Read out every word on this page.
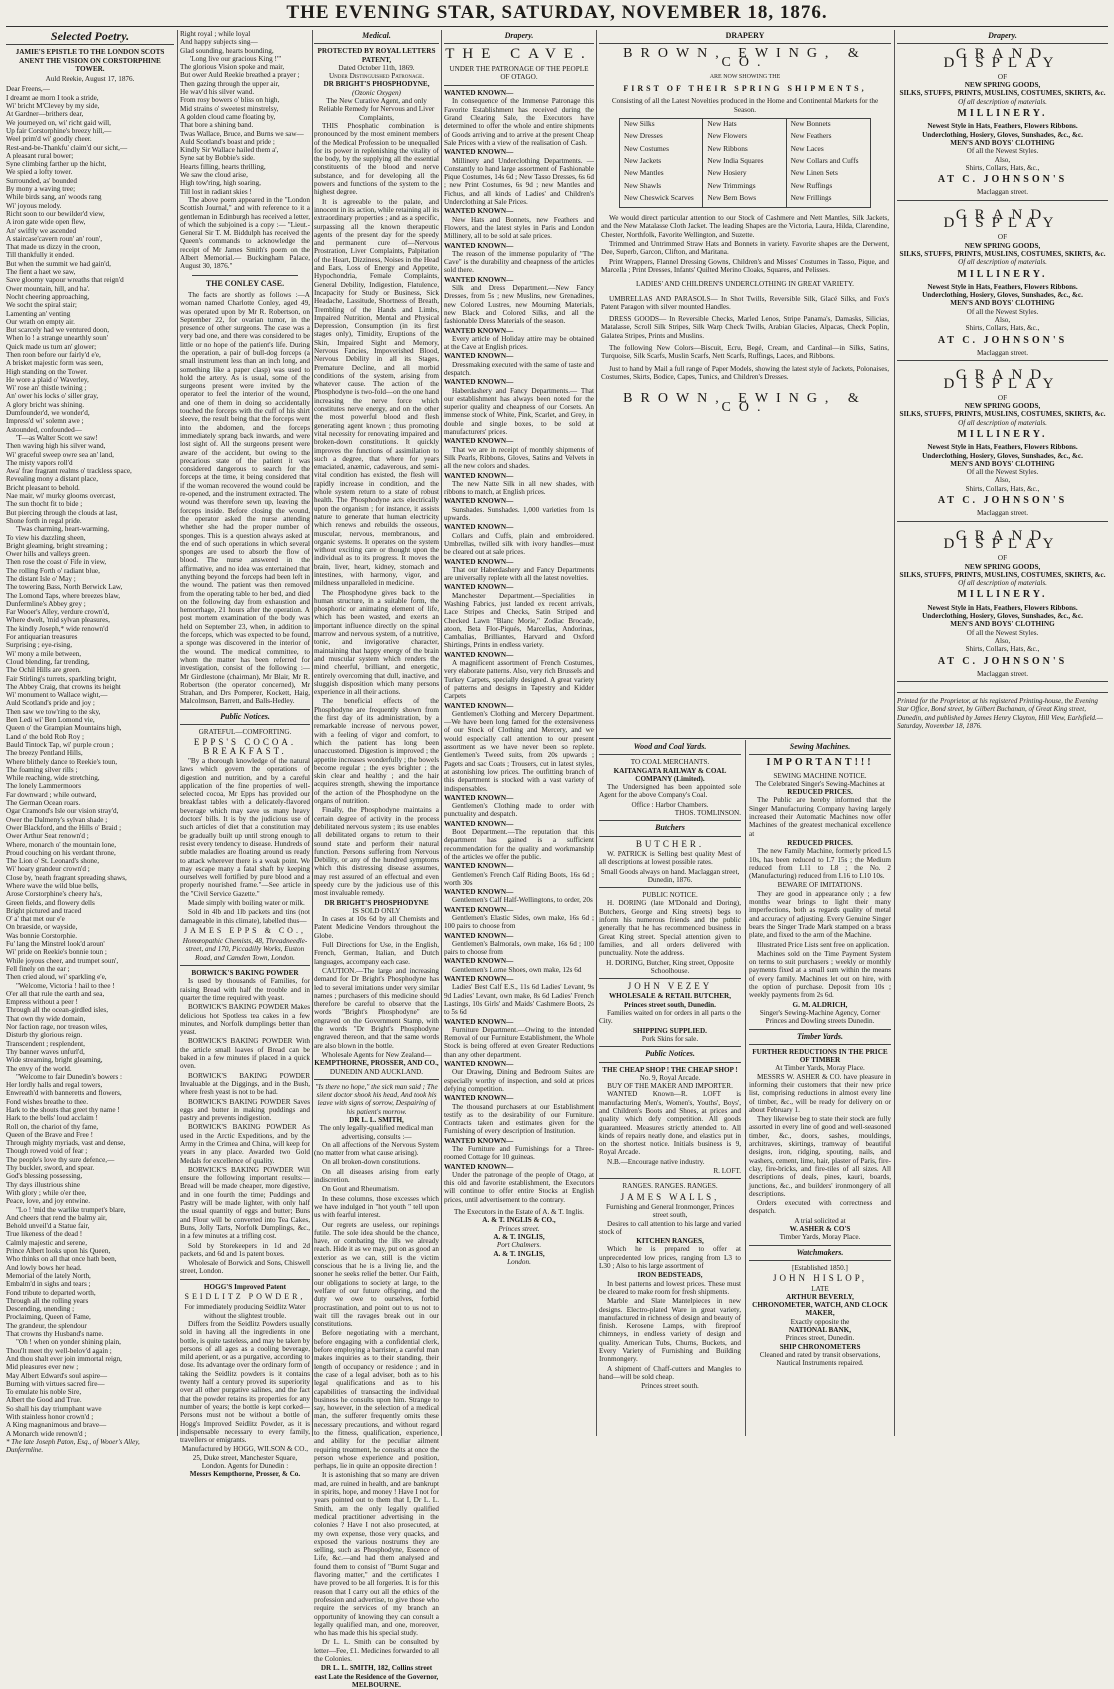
THE EVENING STAR, SATURDAY, NOVEMBER 18, 1876.
Selected Poetry.
JAMIE'S EPISTLE TO THE LONDON SCOTS ANENT THE VISION ON CORSTORPHINE TOWER.
Auld Reekie, August 17, 1876.

Dear Freens,—

I dreamt ae morn I took a stride,

Wi' bricht M'Clevey by my side,

At Gardner—brithers dear,

We journeyed on, wi' richt gaid will,

Up fair Corstorphine's breezy hill,—

Weel prim'd wi' goodly cheer.

Rest-and-be-Thankfu' claim'd our sicht,—

A pleasant rural bower;

Syne climbing farther up the hicht,

We spied a lofty tower.

Surrounded, as' bounded

By mony a waving tree;

While birds sang, an' woods rang

Wi' joyous melody.

Richt soon to our bewilder'd view,

A iron gate wide open flew,

An' swiftly we ascended

A staircase'cavern roun' an' roun',

That made us dizzy in the croon,

Till thankfully it ended.

But when the summit we had gain'd,

The fient a haet we saw,

Save gloomy vapour wreaths that reign'd

Ower mountain, hill, and ha'.

Nocht cheering approaching,

We socht the spiral stair;

Lamenting an' venting

Our wrath on empty air.

But scarcely had we ventured doon,

When lo ! a strange unearthly soun'

Quick made us turn an' glower;

Then roon before our fairly'd e'e,

A brisket majestic form was seen,

High standing on the Tower.

He wore a plaid o' Waverley,

Wi' rose an' thistle twining ;

An' ower his locks o' siller gray,

A glory bricht was shining.

Dumfounder'd, we wonder'd,

Impress'd wi' solemn awe ;

Astounded, confounded—

'T—as Walter Scott we saw!

Then waving high his silver wand,

Wi' graceful sweep owre sea an' land,

The misty vapors roll'd

Awa' frae fragrant realms o' trackless space,

Revealing mony a distant place,

Bricht pleasant to behold.

Nae mair, wi' murky glooms overcast,

The sun thocht fit to bide ;

But piercing through the clouds at last,

Shone forth in regal pride.

'Twas charming, heart-warming,

To view his dazzling sheen,

Bright gleaming, bright streaming ;

Ower hills and valleys green.

Then rose the coast o' Fife in view,

The rolling Forth o' radiant blue,

The distant Isle o' May ;

The towering Bass, North Berwick Law,

The Lomond Taps, where breezes blaw,

Dunfermline's Abbey grey ;

Far Wooer's Alley, verdure crown'd,

Where dwelt, 'mid sylvan pleasures,

The kindly Joseph,* wide renown'd

For antiquarian treasures

Surprising ; eye-rising,

Wi' mony a mile between,

Cloud blending, far trending,

The Ochil Hills are green.

Fair Stirling's turrets, sparkling bright,

The Abbey Craig, that crowns its height

Wi' monument to Wallace wight,—

Auld Scotland's pride and joy ;

Then saw we tow'ring to the sky,

Ben Ledi wi' Ben Lomond vie,

Queen o' the Grampian Mountains high,

Land o' the bold Rob Roy ;

Bauld Tintock Tap, wi' purple croun ;

The breezy Pentland Hills,

Where blithely dance to Reekie's toun,

The foaming silver rills ;

While reaching, wide stretching,

The lonely Lammermoors

Far downward ; while outward,

The German Ocean roars.

Ogar Cramond's Isle our vision stray'd,

Ower the Dalmeny's sylvan shade ;

Ower Blackford, and the Hills o' Braid ;

Ower Arthur Seat renown'd ;

Where, monarch o' the mountain lone,

Proud couching on his verdant throne,

The Lion o' St. Leonard's shone,

Wi' hoary grandeur crown'd ;

Close by, 'neath fragrant spreading shaws,

Where wave the wild blue bells,

Arose Corstorphine's cheery ha's,

Green fields, and flowery dells

Bright pictured and traced

O' a' that met our e'e

On braeside, or wayside,

Was bonnie Corstorphie.

Fu' lang the Minstrel look'd aroun'

Wi' pride on Reekie's bonnie toun ;

While joyous cheer, and trumpet soun',

Fell finely on the ear ;

Then cried aloud, wi' sparkling e'e,

"Welcome, Victoria ! hail to thee !

O'er all that rule the earth and sea,

Empress without a peer !

Through all the ocean-girdled isles,

That own thy wide domain,

Nor faction rage, nor treason wiles,

Disturb thy glorious reign.

Transcendent ; resplendent,

Thy banner waves unfurl'd,

Wide streaming, bright gleaming,

The envy of the world.

"Welcome to fair Dunedin's bowers :

Her lordly halls and regal towers,

Enwreath'd with banneretts and flowers,

Fond wishes breathe to thee.

Hark to the shouts that greet thy name !

Hark to the bells' loud acclaim !

Roll on, the chariot of thy fame,

Queen of the Brave and Free !

Through mighty myriads, vast and dense,

Though rowed void of fear ;

The people's love thy sure defence,—

Thy buckler, sword, and spear.

God's blessing possessing,

Thy days illustrious shine

With glory ; while o'er thee,

Peace, love, and joy entwine.

"Lo ! 'mid the warlike trumpet's blare,

And cheers that rend the balmy air,

Behold unveil'd a Statue fair,

True likeness of the dead !

Calmly majestic and serene,

Prince Albert looks upon his Queen,

Who thinks on all that once hath been,

And lowly bows her head.

Memorial of the lately North,

Embalm'd in sighs and tears ;

Fond tribute to departed worth,

Through all the rolling years

Descending, unending ;

Proclaiming, Queen of Fame,

The grandeur, the splendour

That crowns thy Husband's name.

"Oh ! when on yonder shining plain,

Thou'lt meet thy well-belov'd again ;

And thou shalt ever join immortal reign,

Mid pleasures ever new ;

May Albert Edward's soul aspire—

Burning with virtues sacred fire—

To emulate his noble Sire,

Albert the Good and True.

So shall his day triumphant wave

With stainless honor crown'd ;

A King magnanimous and brave—

A Monarch wide renown'd ;

* The late Joseph Paton, Esq., of Wooer's Alley, Dunfermline.

Right royal ; while loyal

And happy subjects sing—

Glad sounding, hearts bounding,

'Long live our gracious King !'"

The glorious Vision spoke and mair,

But ower Auld Reekie breathed a prayer ;

Then gazing through the upper air,

He wav'd his silver wand.

From rosy bowers o' bliss on high,

Mid strains o' sweetest minstrelsy,

A golden cloud came floating by,

That bore a shining band.

Twas Wallace, Bruce, and Burns we saw—

Auld Scotland's boast and pride ;

Kindly Sir Wallace hailed them a',

Syne sat by Bobbie's side.

Hearts filling, hearts thrilling,

We saw the cloud arise,

High tow'ring, high soaring,

Till lost in radiant skies !

The above poem appeared in the "London Scottish Journal," and with reference to it a gentleman in Edinburgh has received a letter, of which the subjoined is a copy :— "Lieut.-General Sir T. M. Biddulph has received the Queen's commands to acknowledge the receipt of Mr James Smith's poem on the Albert Memorial.— Buckingham Palace, August 30, 1876."

THE CONLEY CASE.

The facts are shortly as follows :—A woman named Charlotte Conley, aged 49, was operated upon by Mr R. Robertson, on September 22, for ovarian tumor, in the presence of other surgeons. The case was a very bad one, and there was considered to be little or no hope of the patient's life. During the operation, a pair of bull-dog forceps (a small instrument less than an inch long, and something like a paper clasp) was used to hold the artery. As is usual, some of the surgeons present were invited by the operator to feel the interior of the wound, and one of them in doing so accidentally touched the forceps with the cuff of his shirt sleeve, the result being that the forceps went into the abdomen, and the forceps immediately sprang back inwards, and were lost sight of. All the surgeons present were aware of the accident, but owing to the precarious state of the patient it was considered dangerous to search for the forceps at the time, it being considered that if the woman recovered the wound could be re-opened, and the instrument extracted. The wound was therefore sewn up, leaving the forceps inside. Before closing the wound, the operator asked the nurse attending whether she had the proper number of sponges. This is a question always asked at the end of such operations in which several sponges are used to absorb the flow of blood. The nurse answered in the affirmative, and no idea was entertained that anything beyond the forceps had been left in the wound. The patient was then removed from the operating table to her bed, and died on the following day from exhaustion and hemorrhage, 21 hours after the operation. A post mortem examination of the body was held on September 23, when, in addition to the forceps, which was expected to be found, a sponge was discovered in the interior of the wound. The medical committee, to whom the matter has been referred for investigation, consist of the following :— Mr Girdlestone (chairman), Mr Blair, Mr R. Robertson (the operator concerned), Mr Strahan, and Drs Pomperer, Kockett, Haig, Malcolmson, Barrett, and Balls-Hedley.

Public Notices.
GRATEFUL—COMFORTING.
EPPS'S COCOA. BREAKFAST.

"By a thorough knowledge of the natural laws which govern the operations of digestion and nutrition, and by a careful application of the fine properties of well-selected cocoa, Mr Epps has provided our breakfast tables with a delicately-flavored beverage which may save us many heavy doctors' bills. It is by the judicious use of such articles of diet that a constitution may be gradually built up until strong enough to resist every tendency to disease. Hundreds of subtle maladies are floating around us ready to attack wherever there is a weak point. We may escape many a fatal shaft by keeping ourselves well fortified by pure blood and a properly nourished frame."—See article in the "Civil Service Gazette."

Made simply with boiling water or milk.

Sold in 4lb and 1lb packets and tins (not damageable in this climate), labelled thus—

JAMES EPPS & CO.,
Homœopathic Chemists, 48, Threadneedle-street, and 170, Piccadilly Works, Euston Road, and Camden Town, London.
BORWICK'S BAKING POWDER

Is used by thousands of Families, for raising Bread with half the trouble and in quarter the time required with yeast.

BORWICK'S BAKING POWDER Makes delicious hot Spotless tea cakes in a few minutes, and Norfolk dumplings better than yeast.

BORWICK'S BAKING POWDER With the article small loaves of Bread can be baked in a few minutes if placed in a quick oven.

BORWICK'S BAKING POWDER Invaluable at the Diggings, and in the Bush, where fresh yeast is not to be had.

BORWICK'S BAKING POWDER Saves eggs and butter in making puddings and pastry and prevents indigestion.

BORWICK'S BAKING POWDER As used in the Arctic Expeditions, and by the Army in the Crimea and China, will keep for years in any place. Awarded two Gold Medals for excellence of quality.

BORWICK'S BAKING POWDER Will ensure the following important results:—Bread will be made cheaper, more digestive, and in one fourth the time; Puddings and Pastry will be made lighter, with only half the usual quantity of eggs and butter; Buns and Flour will be converted into Tea Cakes, Buns, Jolly Tarts, Norfolk Dumplings, &c., in a few minutes at a trifling cost.

Sold by Storekeepers in 1d and 2d packets, and 6d and 1s patent boxes.

Wholesale of Borwick and Sons, Chiswell street, London.

HOGG'S Improved Patent
SEIDLITZ POWDER,
For immediately producing Seidlitz Water without the slightest trouble.

Differs from the Seidlitz Powders usually sold in having all the ingredients in one bottle, is quite tasteless, and may be taken by persons of all ages as a cooling beverage, mild aperient, or as a purgative, according to dose. Its advantage over the ordinary form of taking the Seidlitz powders is it contains twenty half a century proved its superiority over all other purgative salines, and the fact that the powder retains its properties for any number of years; the bottle is kept corked—Persons must not be without a bottle of Hogg's Improved Seidlitz Powder, as it is indispensable necessary to every family, travellers or emigrants.

Manufactured by HOGG, WILSON & CO., 25, Duke street, Manchester Square, London. Agents for Dunedin :
Messrs Kempthorne, Prosser, & Co.
Medical.
PROTECTED BY ROYAL LETTERS PATENT,
Dated October 11th, 1869.
Under Distinguished Patronage.
DR BRIGHT'S PHOSPHODYNE,
(Ozonic Oxygen)
The New Curative Agent, and only Reliable Remedy for Nervous and Liver Complaints,

THIS Phosphatic combination is pronounced by the most eminent members of the Medical Profession to be unequalled for its power in replenishing the vitality of the body, by the supplying all the essential constituents of the blood and nerve substance, and for developing all the powers and functions of the system to the highest degree.

It is agreeable to the palate, and innocent in its action, while retaining all its extraordinary properties ; and as a specific, surpassing all the known therapeutic agents of the present day for the speedy and permanent cure of—Nervous Prostration, Liver Complaints, Palpitation of the Heart, Dizziness, Noises in the Head and Ears, Loss of Energy and Appetite, Hypochondria, Female Complaints, General Debility, Indigestion, Flatulence, Incapacity for Study or Business, Sick Headache, Lassitude, Shortness of Breath, Trembling of the Hands and Limbs, Impaired Nutrition, Mental and Physical Depression, Consumption (in its first stages only), Timidity, Eruptions of the Skin, Impaired Sight and Memory, Nervous Fancies, Impoverished Blood, Nervous Debility in all its Stages, Premature Decline, and all morbid conditions of the system, arising from whatever cause. The action of the Phosphodyne is two-fold—on the one hand increasing the nerve force which constitutes nerve energy, and on the other the most powerful blood and flesh generating agent known ; thus promoting vital necessity for renovating impaired and broken-down constitutions. It quickly improves the functions of assimilation to such a degree, that where for years emaciated, anæmic, cadaverous, and semi-vital condition has existed, the flesh will rapidly increase in condition, and the whole system return to a state of robust health. The Phosphodyne acts electrically upon the organism ; for instance, it assists nature to generate that human electricity which renews and rebuilds the osseous, muscular, nervous, membranous, and organic systems. It operates on the system without exciting care or thought upon the individual as to its progress. It moves the brain, liver, heart, kidney, stomach and intestines, with harmony, vigor, and mildness unparalleled in medicine.

The Phosphodyne gives back to the human structure, in a suitable form, the phosphoric or animating element of life, which has been wasted, and exerts an important influence directly on the spinal marrow and nervous system, of a nutritive, tonic, and invigorative character, maintaining that happy energy of the brain and muscular system which renders the mind cheerful, brilliant, and energetic, entirely overcoming that dull, inactive, and sluggish disposition which many persons experience in all their actions.

The beneficial effects of the Phosphodyne are frequently shown from the first day of its administration, by a remarkable increase of nervous power, with a feeling of vigor and comfort, to which the patient has long been unaccustomed. Digestion is improved ; the appetite increases wonderfully ; the bowels become regular ; the eyes brighter ; the skin clear and healthy ; and the hair acquires strength, shewing the importance of the action of the Phosphodyne on the organs of nutrition.

Finally, the Phosphodyne maintains a certain degree of activity in the process debilitated nervous system ; its use enables all debilitated organs to return to their sound state and perform their natural function. Persons suffering from Nervous Debility, or any of the hundred symptoms which this distressing disease assumes, may rest assured of an effectual and even speedy cure by the judicious use of this most invaluable remedy.

DR BRIGHT'S PHOSPHODYNE
IS SOLD ONLY

In cases at 10s 6d by all Chemists and Patent Medicine Vendors throughout the Globe.

Full Directions for Use, in the English, French, German, Italian, and Dutch languages, accompany each case.

CAUTION.—The large and increasing demand for Dr Bright's Phosphodyne has led to several imitations under very similar names ; purchasers of this medicine should therefore be careful to observe that the words "Bright's Phosphodyne" are engraved on the Government Stamp, with the words "Dr Bright's Phosphodyne engraved thereon, and that the same words are also blown in the bottle.

Wholesale Agents for New Zealand—
KEMPTHORNE, PROSSER, AND CO.,
DUNEDIN AND AUCKLAND.
"Is there no hope," the sick man said ; The silent doctor shook his head, And took his leave with signs of sorrow, Despairing of his patient's morrow.
DR L. L. SMITH,
The only legally-qualified medical man advertising, consults :—

On all affections of the Nervous System (no matter from what cause arising).

On all broken-down constitutions.

On all diseases arising from early indiscretion.

On Gout and Rheumatism.

In these columns, those excesses which we have indulged in "hot youth " tell upon us with fearful interest.

Our regrets are useless, our repinings futile. The sole idea should be the chance, have, or combating the ills we already reach. Hide it as we may, put on as good an exterior as we can, still is the victim conscious that he is a living lie, and the sooner he seeks relief the better. Our Faith, our obligations to society at large, to the welfare of our future offspring, and the duty we owe to ourselves, forbid procrastination, and point out to us not to wait till the ravages break out in our constitutions.

Before negotiating with a merchant, before engaging with a confidential clerk, before employing a barrister, a careful man makes inquiries as to their standing, their length of occupancy or residence ; and in the case of a legal adviser, both as to his legal qualifications and as to his capabilities of transacting the individual business he consults upon him. Strange to say, however, in the selection of a medical man, the sufferer frequently omits these necessary precautions, and without regard to the fitness, qualification, experience, and ability for the peculiar ailment requiring treatment, he consults at once the person whose experience and position, perhaps, lie in quite an opposite direction !

It is astonishing that so many are driven mad, are ruined in health, and are bankrupt in spirits, hope, and money ! Have I not for years pointed out to them that I, Dr L. L. Smith, am the only legally qualified medical practitioner advertising in the colonies ? Have I not also prosecuted, at my own expense, those very quacks, and exposed the various nostrums they are selling, such as Phosphodyne, Essence of Life, &c.—and had them analysed and found them to consist of "Burnt Sugar and flavoring matter," and the certificates I have proved to be all forgeries. It is for this reason that I carry out all the ethics of the profession and advertise, to give those who require the services of my branch an opportunity of knowing they can consult a legally qualified man, and one, moreover, who has made this his special study.

Dr L. L. Smith can be consulted by letter—Fee, £1. Medicines forwarded to all the Colonies.

DR L. L. SMITH, 182, Collins street east Late the Residence of the Governor,
MELBOURNE.
Drapery.
THE CAVE.
UNDER THE PATRONAGE OF THE PEOPLE OF OTAGO.
WANTED KNOWN—

In consequence of the Immense Patronage this Favorite Establishment has received during the Grand Clearing Sale, the Executors have determined to offer the whole and entire shipments of Goods arriving and to arrive at the present Cheap Sale Prices with a view of the realisation of Cash.

WANTED KNOWN—

Millinery and Underclothing Departments. —Constantly to hand large assortment of Fashionable Pique Costumes, 14s 6d ; New Tasso Dresses, 6s 6d ; new Print Costumes, 6s 9d ; new Mantles and Fichus, and all kinds of Ladies' and Children's Underclothing at Sale Prices.

WANTED KNOWN—

New Hats and Bonnets, new Feathers and Flowers, and the latest styles in Paris and London Millinery, all to be sold at sale prices.

WANTED KNOWN—

The reason of the immense popularity of "The Cave" is the durability and cheapness of the articles sold there.

WANTED KNOWN—

Silk and Dress Department.—New Fancy Dresses, from 5s ; new Muslins, new Grenadines, new Colored Lustres, new Mourning Materials, new Black and Colored Silks, and all the fashionable Dress Materials of the season.

WANTED KNOWN—

Every article of Holiday attire may be obtained at the Cave at English prices.

WANTED KNOWN—

Dressmaking executed with the same of taste and despatch.

WANTED KNOWN—

Haberdashery and Fancy Departments.— That our establishment has always been noted for the superior quality and cheapness of our Corsets. An immense stock of White, Pink, Scarlet, and Grey, in double and single boxes, to be sold at manufacturers' prices.

WANTED KNOWN—

That we are in receipt of monthly shipments of Silk Pearls, Ribbons, Gloves, Satins and Velvets in all the new colors and shades.

WANTED KNOWN—

The new Natte Silk in all new shades, with ribbons to match, at English prices.

WANTED KNOWN—

Sunshades. Sunshades. 1,000 varieties from 1s upwards.

WANTED KNOWN—

Collars and Cuffs, plain and embroidered. Umbrellas, twilled silk with ivory handles—must be cleared out at sale prices.

WANTED KNOWN—

That our Haberdashery and Fancy Departments are universally replete with all the latest novelties.

WANTED KNOWN—

Manchester Department.—Specialities in Washing Fabrics, just landed ex recent arrivals, Lace Stripes and Checks, Satin Striped and Checked Lawn "Blanc Morie," Zodiac Brocade, atoon, Beta Flor-Piqués, Marcellas, Andorinas, Cambalias, Brilliantes, Harvard and Oxford Shirtings, Prints in endless variety.

WANTED KNOWN—

A magnificent assortment of French Costumes, very elaborate patterns. Also, very rich Brussels and Turkey Carpets, specially designed. A great variety of patterns and designs in Tapestry and Kidder Carpets

WANTED KNOWN—

Gentlemen's Clothing and Mercery Department.—We have been long famed for the extensiveness of our Stock of Clothing and Mercery, and we would especially call attention to our present assortment as we have never been so replete. Gentlemen's Tweed suits, from 20s upwards ; Pagets and sac Coats ; Trousers, cut in latest styles, at astonishing low prices. The outfitting branch of this department is stocked with a vast variety of indispensables.

WANTED KNOWN—

Gentlemen's Clothing made to order with punctuality and despatch.

WANTED KNOWN—

Boot Department.—The reputation that this department has gained is a sufficient recommendation for the quality and workmanship of the articles we offer the public.

WANTED KNOWN—

Gentlemen's French Calf Riding Boots, 16s 6d ; worth 30s

WANTED KNOWN—

Gentlemen's Calf Half-Wellingtons, to order, 20s

WANTED KNOWN—

Gentlemen's Elastic Sides, own make, 16s 6d ; 100 pairs to choose from

WANTED KNOWN—

Gentlemen's Balmorals, own make, 16s 6d ; 100 pairs to choose from

WANTED KNOWN—

Gentlemen's Lorne Shoes, own make, 12s 6d

WANTED KNOWN—

Ladies' Best Calf E.S., 11s 6d Ladies' Levant, 9s 9d Ladies' Levant, own make, 8s 6d Ladies' French Lastings, 10s Girls' and Maids' Cashmere Boots, 2s to 5s 6d

WANTED KNOWN—

Furniture Department.—Owing to the intended Removal of our Furniture Establishment, the Whole Stock is being offered at even Greater Reductions than any other department.

WANTED KNOWN—

Our Drawing, Dining and Bedroom Suites are especially worthy of inspection, and sold at prices defying competition.

WANTED KNOWN—

The thousand purchasers at our Establishment testify as to the desirability of our Furniture. Contracts taken and estimates given for the Furnishing of every description of Institution.

WANTED KNOWN—

The Furniture and Furnishings for a Three-roomed Cottage for 10 guineas.

WANTED KNOWN—

Under the patronage of the people of Otago, at this old and favorite establishment, the Executors will continue to offer entire Stocks at English prices, until advertisement to the contrary.

The Executors in the Estate of A. & T. Inglis.
A. & T. INGLIS & CO.,
Princes street.
A. & T. INGLIS,
Port Chalmers.
A. & T. INGLIS,
London.
DRAPERY
BROWN, EWING, & CO.
ARE NOW SHOWING THE
FIRST OF THEIR SPRING SHIPMENTS,
Consisting of all the Latest Novelties produced in the Home and Continental Markets for the Season.

New Silks

New Dresses

New Costumes

New Jackets

New Mantles

New Shawls

New Cheswick Scarves

New Hats

New Flowers

New Ribbons

New India Squares

New Hosiery

New Trimmings

New Bern Bows

New Bonnets

New Feathers

New Laces

New Collars and Cuffs

New Linen Sets

New Ruffings

New Frillings

We would direct particular attention to our Stock of Cashmere and Nett Mantles, Silk Jackets, and the New Matalasse Cloth Jacket. The leading Shapes are the Victoria, Laura, Hilda, Clarendine, Chester, Northfolk, Favorite Wellington, and Suzette.

Trimmed and Untrimmed Straw Hats and Bonnets in variety. Favorite shapes are the Derwent, Dee, Superb, Garcon, Clifton, and Maritana.

Print Wrappers, Flannel Dressing Gowns, Children's and Misses' Costumes in Tasso, Pique, and Marcella ; Print Dresses, Infants' Quilted Merino Cloaks, Squares, and Pelisses.

LADIES' AND CHILDREN'S UNDERCLOTHING IN GREAT VARIETY.

UMBRELLAS AND PARASOLS— In Shot Twills, Reversible Silk, Glacé Silks, and Fox's Patent Paragon with silver mounted Handles.

DRESS GOODS— In Reversible Checks, Marled Lenos, Stripe Panama's, Damasks, Silicias, Matalasse, Scroll Silk Stripes, Silk Warp Check Twills, Arabian Glacies, Alpacas, Check Poplin, Galatea Stripes, Prints and Muslins.

The following New Colors—Biscuit, Ecru, Begé, Cream, and Cardinal—in Silks, Satins, Turquoise, Silk Scarfs, Muslin Scarfs, Nett Scarfs, Ruffings, Laces, and Ribbons.

Just to hand by Mail a full range of Paper Models, showing the latest style of Jackets, Polonaises, Costumes, Skirts, Bodice, Capes, Tunics, and Children's Dresses.

BROWN, EWING, & CO.
Wood and Coal Yards.
TO COAL MERCHANTS.
KAITANGATA RAILWAY & COAL COMPANY (Limited).

The Undersigned has been appointed sole Agent for the above Company's Coal.

Office : Harbor Chambers.
THOS. TOMLINSON.
Butchers
BUTCHER.

W. PATRICK is Selling best quality Mest of all descriptions at lowest possible rates.

Small Goods always on hand. Maclaggan street, Dunedin, 1876.
PUBLIC NOTICE.

H. DORING (late M'Donald and Doring), Butchers, George and King streets) begs to inform his numerous friends and the public generally that he has recommenced business in Great King street. Special attention given to families, and all orders delivered with punctuality. Note the address.

H. DORING, Butcher, King street, Opposite Schoolhouse.
JOHN VEZEY
WHOLESALE & RETAIL BUTCHER, Princes street south, Dunedin.

Families waited on for orders in all parts o the City.

SHIPPING SUPPLIED.
Pork Skins for sale.
Public Notices.
THE CHEAP SHOP ! THE CHEAP SHOP !
No. 9, Royal Arcade.
BUY OF THE MAKER AND IMPORTER.

WANTED Known—R. LOFT is manufacturing Men's, Women's, Youths', Boys', and Children's Boots and Shoes, at prices and quality which defy competition. All goods guaranteed. Measures strictly attended to. All kinds of repairs neatly done, and elastics put in on the shortest notice. Initials business is 9, Royal Arcade.

N.B.—Encourage native industry.

R. LOFT.
RANGES. RANGES. RANGES.
JAMES WALLS,
Furnishing and General Ironmonger, Princes street south,

Desires to call attention to his large and varied stock of

KITCHEN RANGES,

Which he is prepared to offer at unprecedented low prices, ranging from L3 to L30 ; Also to his large assortment of

IRON BEDSTEADS,

In best patterns and lowest prices. These must be cleared to make room for fresh shipments.

Marble and Slate Mantelpieces in new designs. Electro-plated Ware in great variety, manufactured in richness of design and beauty of finish. Kerosene Lamps, with fireproof chimneys, in endless variety of design and quality. American Tubs, Churns, Buckets, and Every Variety of Furnishing and Building Ironmongery.

A shipment of Chaff-cutters and Mangles to hand—will be sold cheap.

Princes street south.
Sewing Machines.
IMPORTANT!!!
SEWING MACHINE NOTICE.
The Celebrated Singer's Sewing-Machines at
REDUCED PRICES.

The Public are hereby informed that the Singer Manufacturing Company having largely increased their Automatic Machines now offer Machines of the greatest mechanical excellence at

REDUCED PRICES.

The new Family Machine, formerly priced L5 10s, has been reduced to L7 15s ; the Medium reduced from L11 to L8 ; the No. 2 (Manufacturing) reduced from L16 to L10 10s.

BEWARE OF IMITATIONS.

They are good in appearance only ; a few months wear brings to light their many imperfections, both as regards quality of metal and accuracy of adjusting. Every Genuine Singer bears the Singer Trade Mark stamped on a brass plate, and fixed to the arm of the Machine.

Illustrated Price Lists sent free on application.

Machines sold on the Time Payment System on terms to suit purchasers ; weekly or monthly payments fixed at a small sum within the means of every family. Machines let out on hire, with the option of purchase. Deposit from 10s ; weekly payments from 2s 6d.

G. M. ALDRICH,
Singer's Sewing-Machine Agency, Corner Princes and Dowling streets Dunedin.
Timber Yards.
FURTHER REDUCTIONS IN THE PRICE OF TIMBER
At Timber Yards, Moray Place.

MESSRS W. ASHER & CO. have pleasure in informing their customers that their new price list, comprising reductions in almost every line of timber, &c., will be ready for delivery on or about February 1.

They likewise beg to state their stock are fully assorted in every line of good and well-seasoned timber, &c., doors, sashes, mouldings, architraves, skirtings, tramway of beautiful designs, iron, ridging, spouting, nails, and washers, cement, lime, hair, plaster of Paris, fire-clay, fire-bricks, and fire-tiles of all sizes. All descriptions of deals, pines, kauri, boards, junctions, &c., and builders' ironmongery of all descriptions.

Orders executed with correctness and despatch.

A trial solicited at
W. ASHER & CO'S
Timber Yards, Moray Place.
Watchmakers.
[Established 1850.]
JOHN HISLOP,
LATE
ARTHUR BEVERLY,
CHRONOMETER, WATCH, AND CLOCK MAKER,
Exactly opposite the
NATIONAL BANK,
Princes street, Dunedin.
SHIP CHRONOMETERS
Cleaned and rated by transit observations, Nautical Instruments repaired.
Drapery.
GRAND DISPLAY
OF
NEW SPRING GOODS,
SILKS, STUFFS, PRINTS, MUSLINS, COSTUMES, SKIRTS, &c.
Of all description of materials.
MILLINERY.
Newest Style in Hats, Feathers, Flowers Ribbons.
Underclothing, Hosiery, Gloves, Sunshades, &c., &c.
MEN'S AND BOYS' CLOTHING
Of all the Newest Styles.
Also,
Shirts, Collars, Hats, &c.,
AT C. JOHNSON'S
Maclaggan street.
GRAND DISPLAY
OF
NEW SPRING GOODS,
SILKS, STUFFS, PRINTS, MUSLINS, COSTUMES, SKIRTS, &c.
Of all description of materials.
MILLINERY.
Newest Style in Hats, Feathers, Flowers Ribbons.
Underclothing, Hosiery, Gloves, Sunshades, &c., &c.
MEN'S AND BOYS' CLOTHING
Of all the Newest Styles.
Also,
Shirts, Collars, Hats, &c.,
AT C. JOHNSON'S
Maclaggan street.
GRAND DISPLAY
OF
NEW SPRING GOODS,
SILKS, STUFFS, PRINTS, MUSLINS, COSTUMES, SKIRTS, &c.
Of all description of materials.
MILLINERY.
Newest Style in Hats, Feathers, Flowers Ribbons.
Underclothing, Hosiery, Gloves, Sunshades, &c., &c.
MEN'S AND BOYS' CLOTHING
Of all the Newest Styles.
Also,
Shirts, Collars, Hats, &c.,
AT C. JOHNSON'S
Maclaggan street.
GRAND DISPLAY
OF
NEW SPRING GOODS,
SILKS, STUFFS, PRINTS, MUSLINS, COSTUMES, SKIRTS, &c.
Of all description of materials.
MILLINERY.
Newest Style in Hats, Feathers, Flowers Ribbons.
Underclothing, Hosiery, Gloves, Sunshades, &c., &c.
MEN'S AND BOYS' CLOTHING
Of all the Newest Styles.
Also,
Shirts, Collars, Hats, &c.,
AT C. JOHNSON'S
Maclaggan street.
Printed for the Proprietor, at his registered Printing-house, the Evening Star Office, Bond street, by Gilbert Buchanan, of Great King street, Dunedin, and published by James Henry Clayton, Hill View, Earlsfield.—Saturday, November 18, 1876.
